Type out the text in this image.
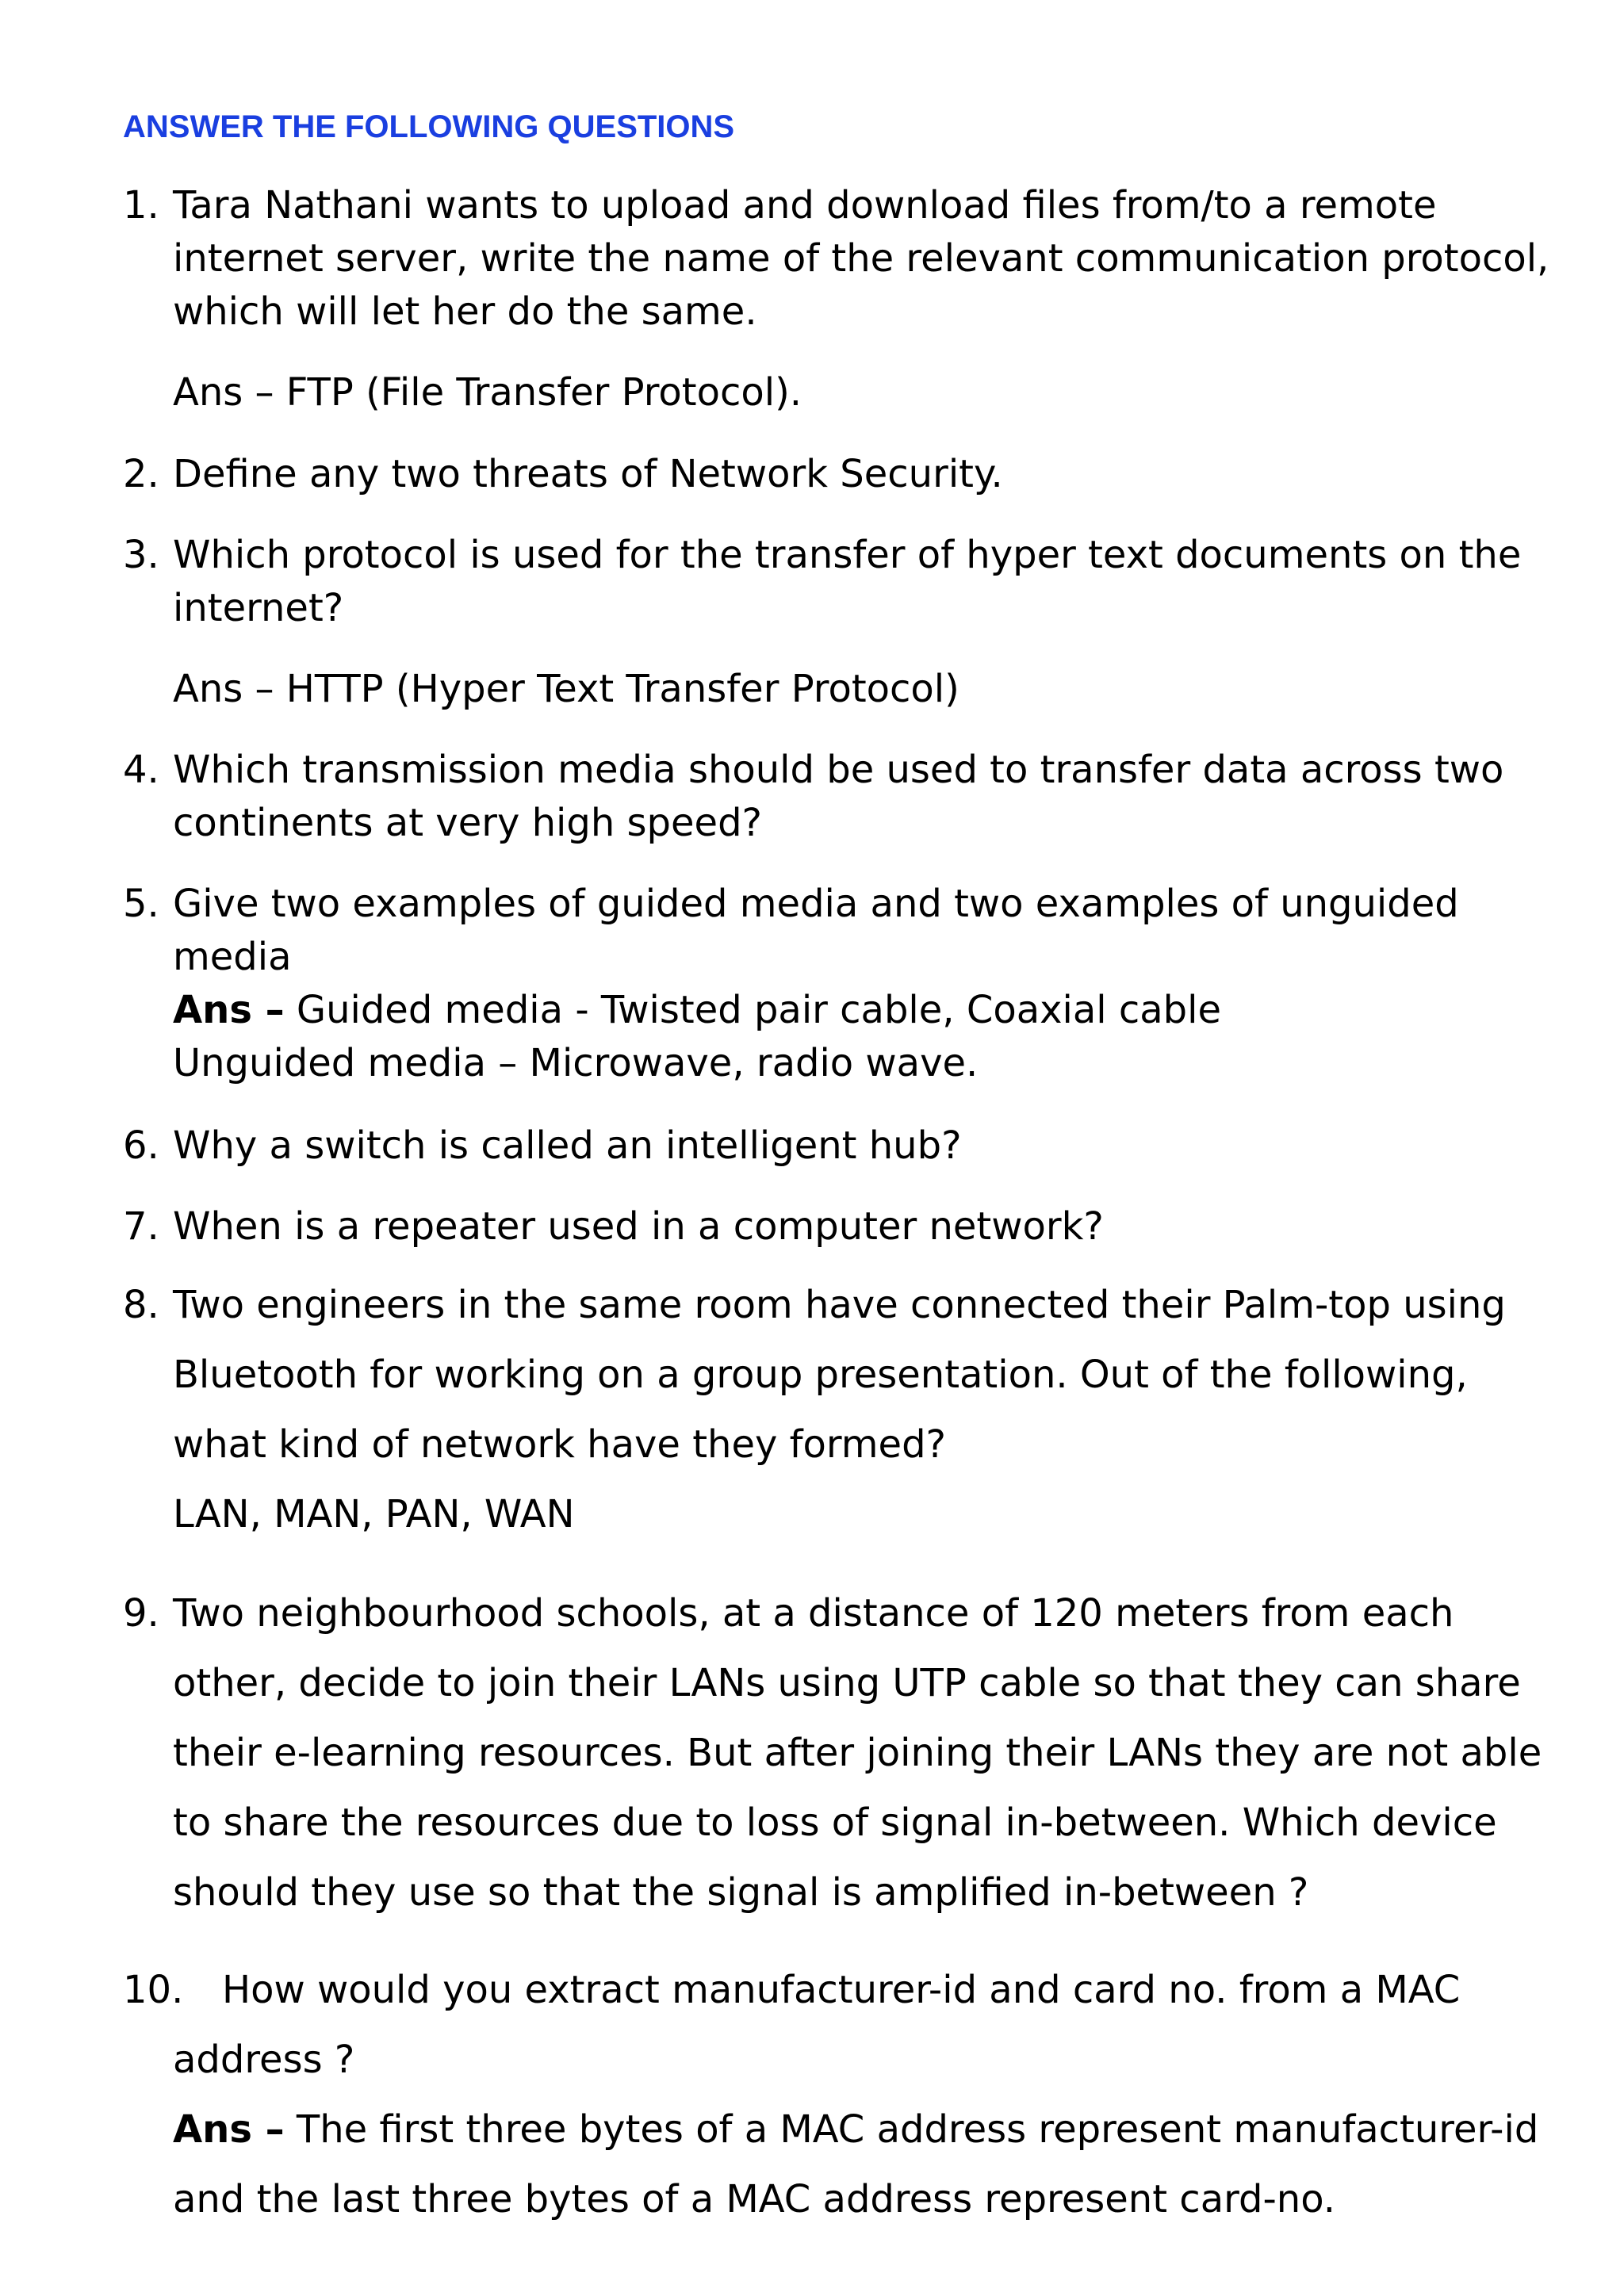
ANSWER THE FOLLOWING QUESTIONS
1. Tara Nathani wants to upload and download files from/to a remote
internet server, write the name of the relevant communication protocol,
which will let her do the same.
Ans – FTP (File Transfer Protocol).
2. Define any two threats of Network Security.
3. Which protocol is used for the transfer of hyper text documents on the
internet?
Ans – HTTP (Hyper Text Transfer Protocol)
4. Which transmission media should be used to transfer data across two
continents at very high speed?
5. Give two examples of guided media and two examples of unguided
media
Ans – Guided media - Twisted pair cable, Coaxial cable
Unguided media – Microwave, radio wave.
6. Why a switch is called an intelligent hub?
7. When is a repeater used in a computer network?
8. Two engineers in the same room have connected their Palm-top using
Bluetooth for working on a group presentation. Out of the following,
what kind of network have they formed?
LAN, MAN, PAN, WAN
9. Two neighbourhood schools, at a distance of 120 meters from each
other, decide to join their LANs using UTP cable so that they can share
their e-learning resources. But after joining their LANs they are not able
to share the resources due to loss of signal in-between. Which device
should they use so that the signal is amplified in-between ?
10. How would you extract manufacturer-id and card no. from a MAC
address ?
Ans – The first three bytes of a MAC address represent manufacturer-id
and the last three bytes of a MAC address represent card-no.
